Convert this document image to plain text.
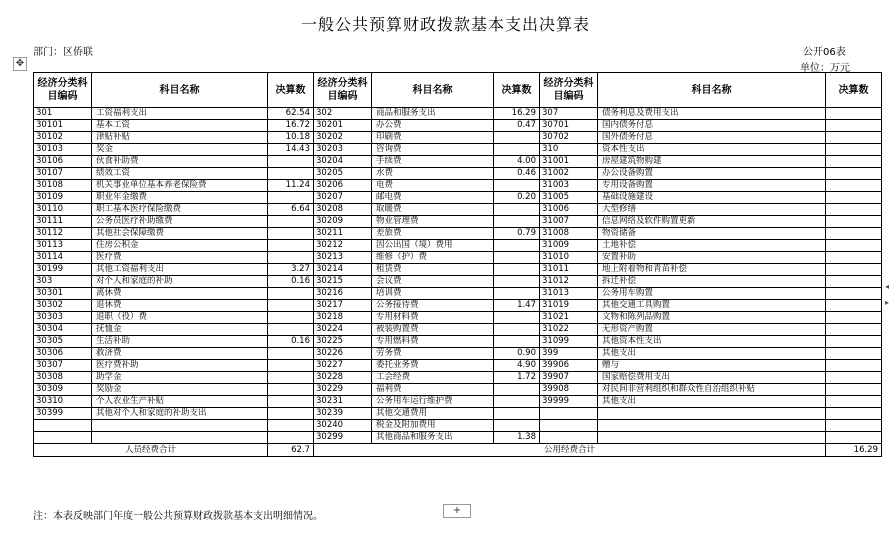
一般公共预算财政拨款基本支出决算表
部门：区侨联	公开06表
单位：万元
✥
◂
▸
经济分类科目编码	科目名称	决算数	经济分类科目编码	科目名称	决算数	经济分类科目编码	科目名称	决算数
301	工资福利支出	62.54	302	商品和服务支出	16.29	307	债务利息及费用支出	
30101	基本工资	16.72	30201	办公费	0.47	30701	国内债务付息	
30102	津贴补贴	10.18	30202	印刷费		30702	国外债务付息	
30103	奖金	14.43	30203	咨询费		310	资本性支出	
30106	伙食补助费		30204	手续费	4.00	31001	房屋建筑物购建	
30107	绩效工资		30205	水费	0.46	31002	办公设备购置	
30108	机关事业单位基本养老保险费	11.24	30206	电费		31003	专用设备购置	
30109	职业年金缴费		30207	邮电费	0.20	31005	基础设施建设	
30110	职工基本医疗保险缴费	6.64	30208	取暖费		31006	大型修缮	
30111	公务员医疗补助缴费		30209	物业管理费		31007	信息网络及软件购置更新	
30112	其他社会保障缴费		30211	差旅费	0.79	31008	物资储备	
30113	住房公积金		30212	因公出国（境）费用		31009	土地补偿	
30114	医疗费		30213	维修（护）费		31010	安置补助	
30199	其他工资福利支出	3.27	30214	租赁费		31011	地上附着物和青苗补偿	
303	对个人和家庭的补助	0.16	30215	会议费		31012	拆迁补偿	
30301	离休费		30216	培训费		31013	公务用车购置	
30302	退休费		30217	公务接待费	1.47	31019	其他交通工具购置	
30303	退职（役）费		30218	专用材料费		31021	文物和陈列品购置	
30304	抚恤金		30224	被装购置费		31022	无形资产购置	
30305	生活补助	0.16	30225	专用燃料费		31099	其他资本性支出	
30306	救济费		30226	劳务费	0.90	399	其他支出	
30307	医疗费补助		30227	委托业务费	4.90	39906	赠与	
30308	助学金		30228	工会经费	1.72	39907	国家赔偿费用支出	
30309	奖励金		30229	福利费		39908	对民间非营利组织和群众性自治组织补贴	
30310	个人农业生产补贴		30231	公务用车运行维护费		39999	其他支出	
30399	其他对个人和家庭的补助支出		30239	其他交通费用				
			30240	税金及附加费用				
			30299	其他商品和服务支出	1.38			
人员经费合计		62.7	公用经费合计					16.29
注：本表反映部门年度一般公共预算财政拨款基本支出明细情况。
+
